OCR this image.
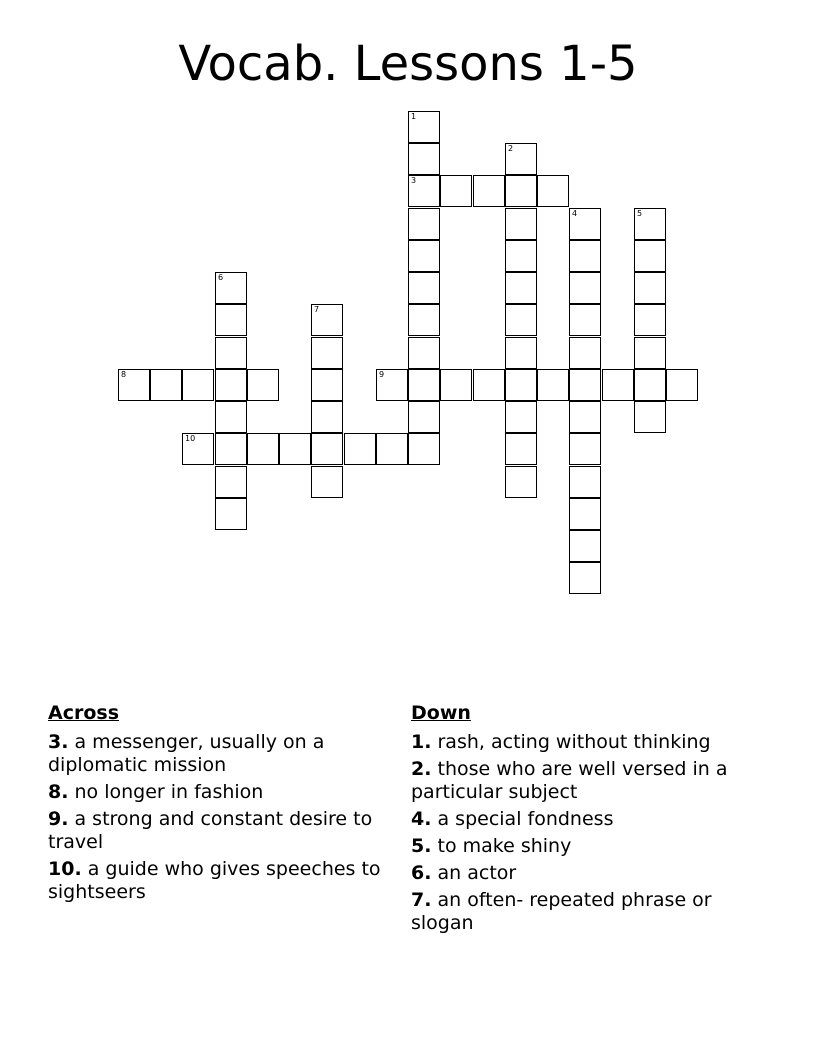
Vocab. Lessons 1-5
1
3
2
4	5
6
7
8	9
10
Across
3. a messenger, usually on a diplomatic mission
8. no longer in fashion
9. a strong and constant desire to travel
10. a guide who gives speeches to sightseers
Down
1. rash, acting without thinking
2. those who are well versed in a particular subject
4. a special fondness
5. to make shiny
6. an actor
7. an often- repeated phrase or slogan
